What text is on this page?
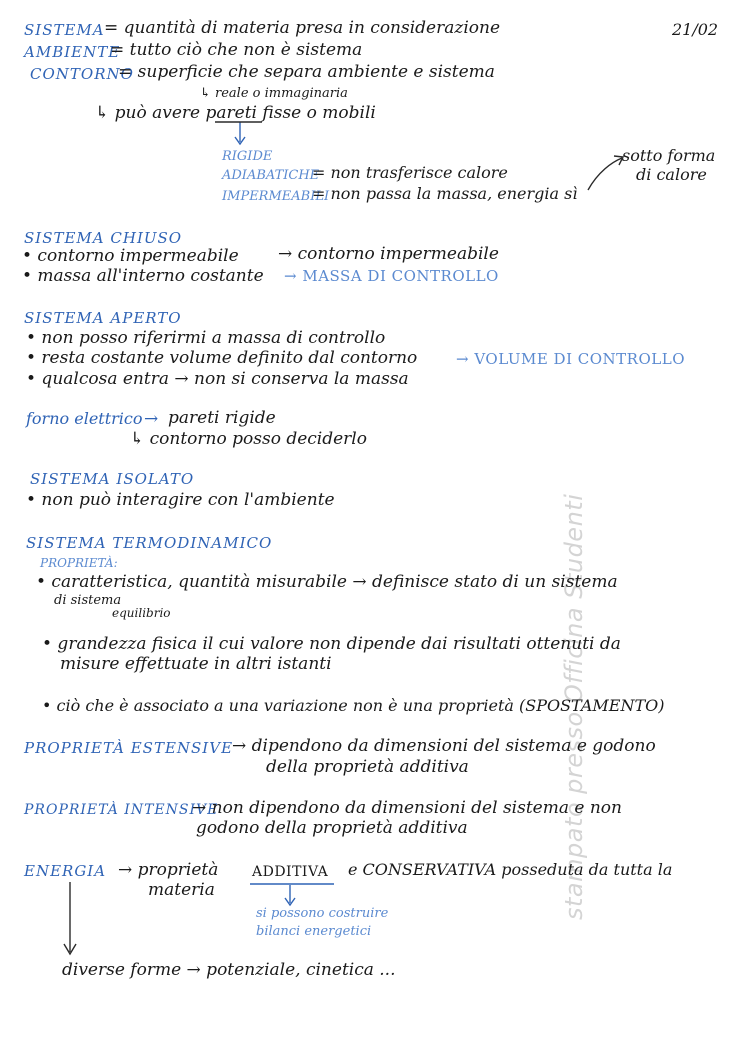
stampato presso Officina Studenti
21/02
SISTEMA = quantità di materia presa in considerazione
AMBIENTE
= tutto ciò che non è sistema
CONTORNO
= superficie che separa ambiente e sistema
↳ reale o immaginaria
↳ può avere pareti fisse o mobili
RIGIDE
ADIABATICHE
= non trasferisce calore
IMPERMEABILI
= non passa la massa, energia sì
sotto forma
di calore
SISTEMA CHIUSO
• contorno impermeabile → contorno impermeabile
• massa all'interno costante → MASSA DI CONTROLLO
SISTEMA APERTO
• non posso riferirmi a massa di controllo
• resta costante volume definito dal contorno	→ VOLUME DI CONTROLLO
• qualcosa entra → non si conserva la massa
forno elettrico → pareti rigide
↳ contorno posso deciderlo
SISTEMA ISOLATO
• non può interagire con l'ambiente
SISTEMA TERMODINAMICO
PROPRIETÀ:
• caratteristica, quantità misurabile → definisce stato di un sistema
di sistema
equilibrio
• grandezza fisica il cui valore non dipende dai risultati ottenuti da
misure effettuate in altri istanti
• ciò che è associato a una variazione non è una proprietà (SPOSTAMENTO)
PROPRIETÀ ESTENSIVE
→ dipendono da dimensioni del sistema e godono
della proprietà additiva
PROPRIETÀ INTENSIVE
→ non dipendono da dimensioni del sistema e non
godono della proprietà additiva
ENERGIA → proprietà ADDITIVA e CONSERVATIVA posseduta da tutta la
materia
si possono costruire
bilanci energetici
diverse forme → potenziale, cinetica ...
